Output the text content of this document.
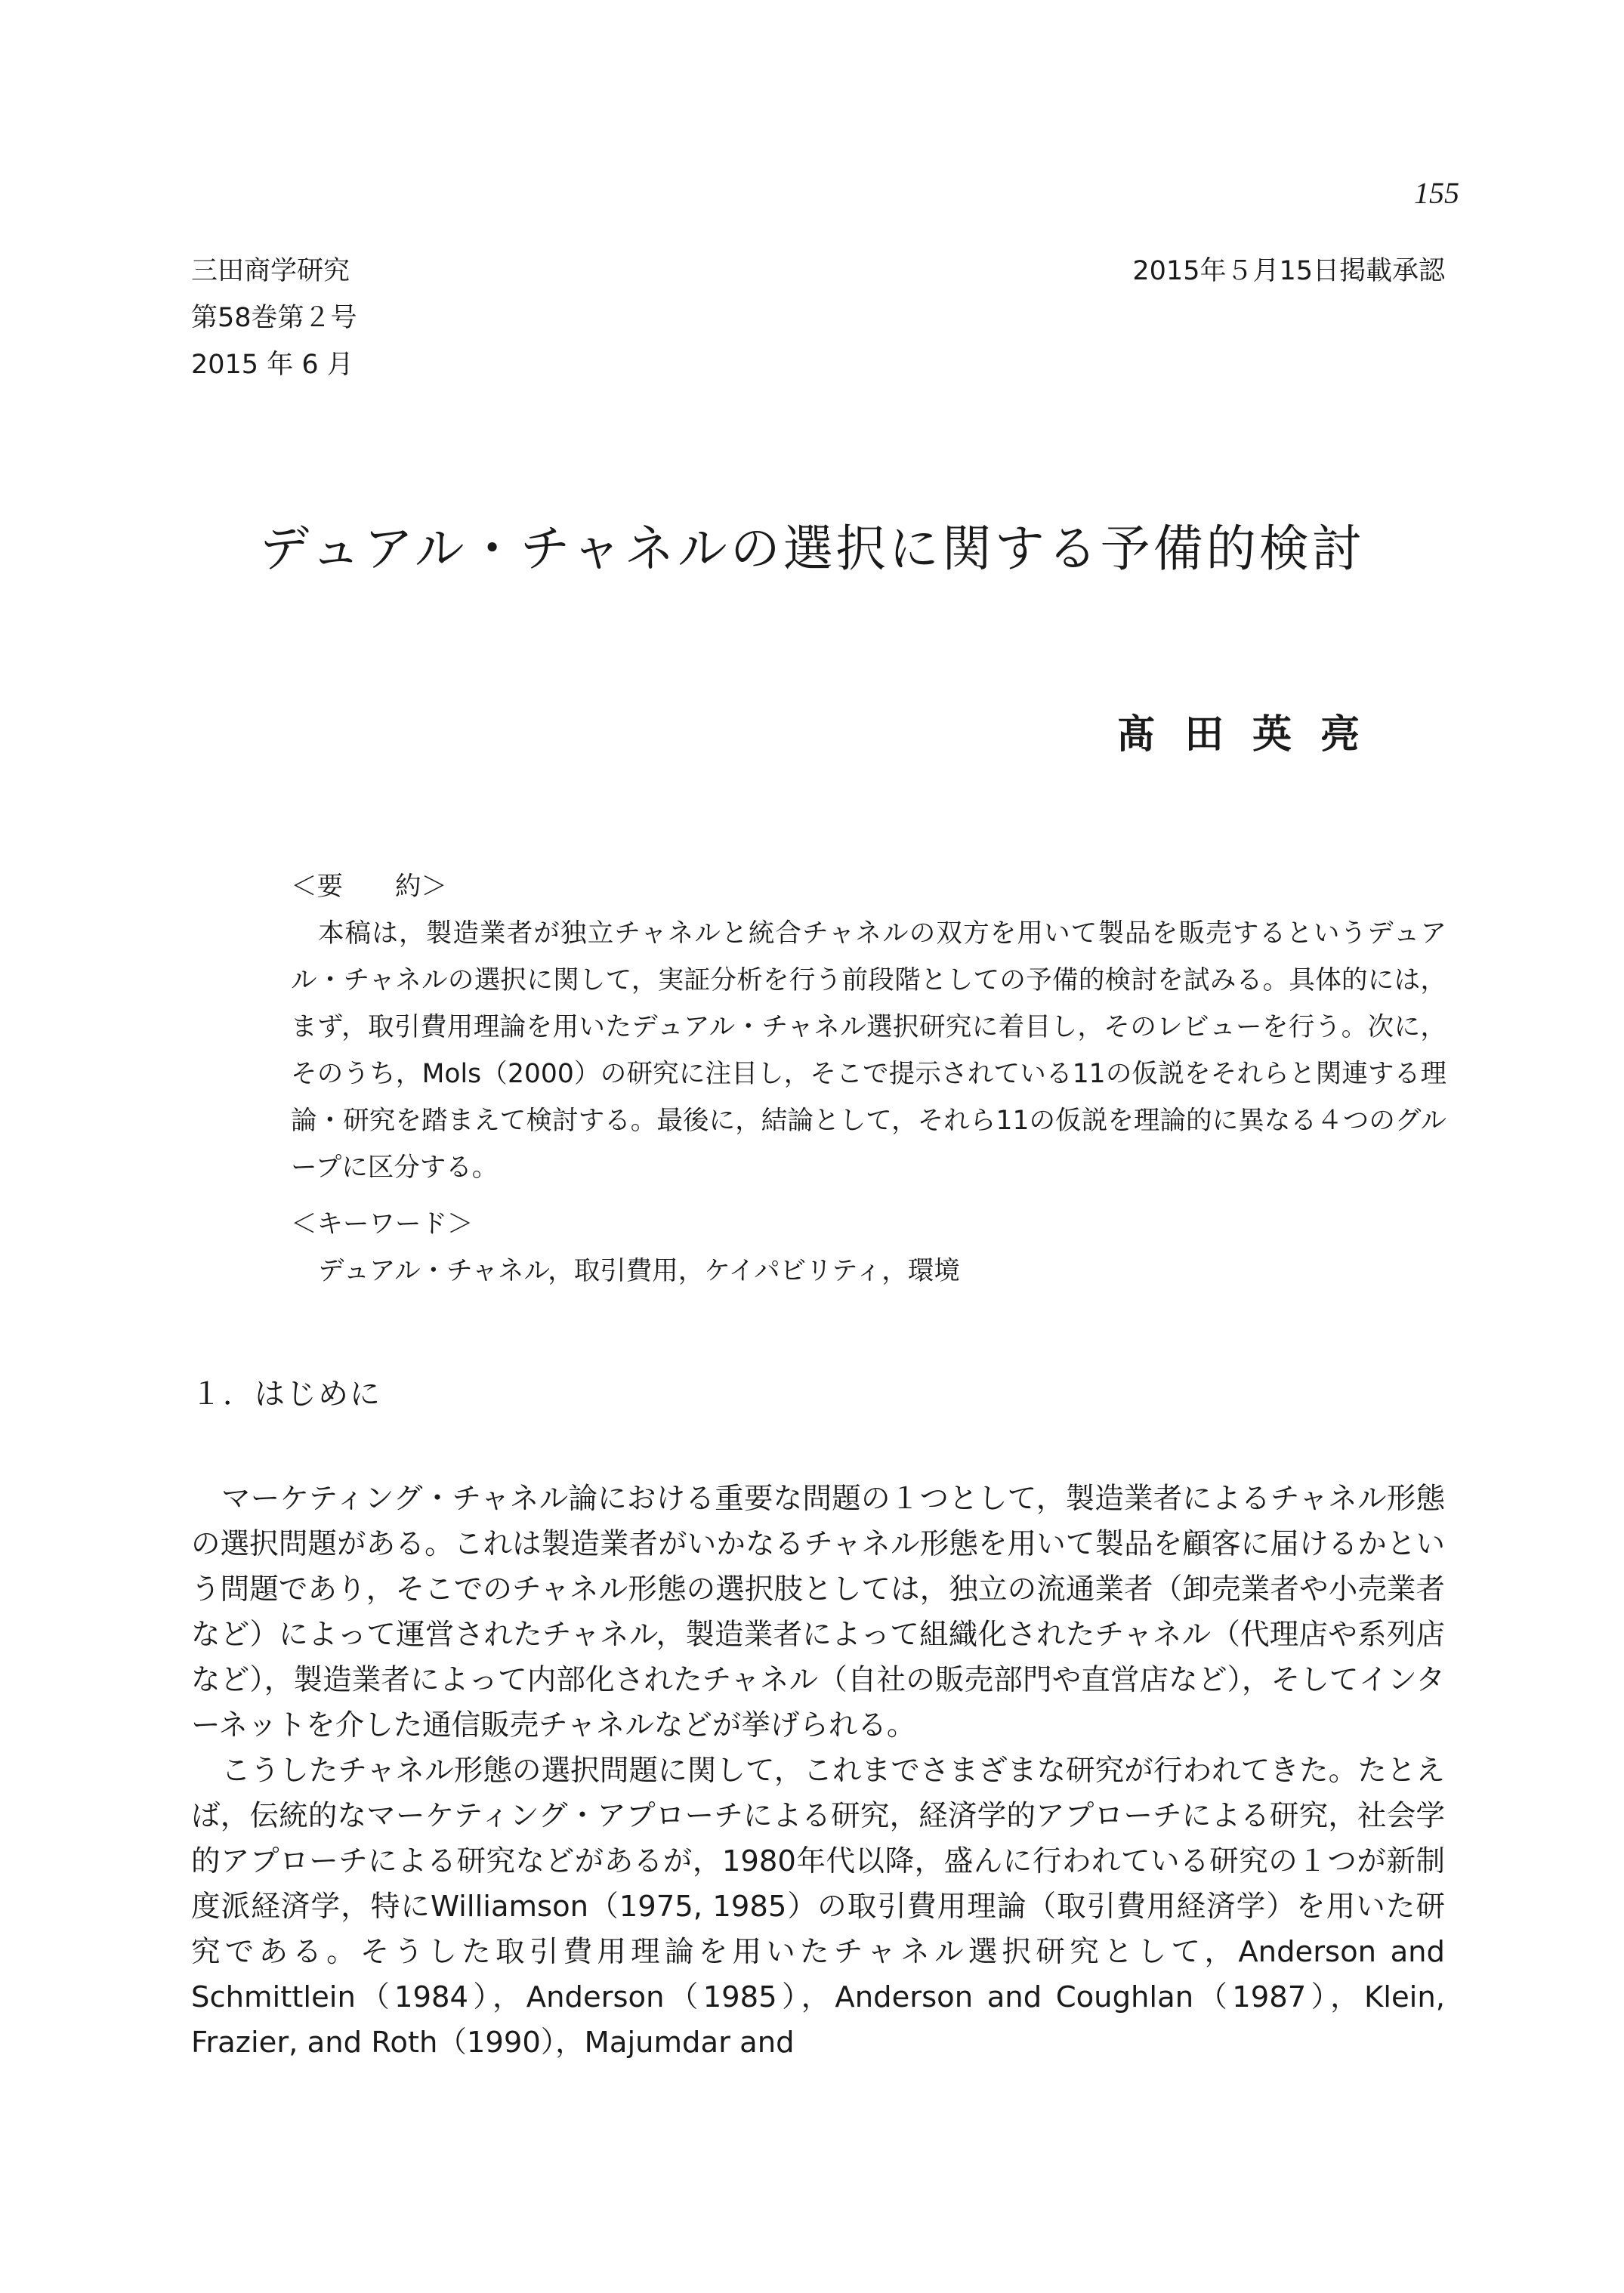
155
三田商学研究
第58巻第２号
2015 年 6 月
2015年５月15日掲載承認
デュアル・チャネルの選択に関する予備的検討
髙田英亮

＜要　　約＞

本稿は，製造業者が独立チャネルと統合チャネルの双方を用いて製品を販売するというデュアル・チャネルの選択に関して，実証分析を行う前段階としての予備的検討を試みる。具体的には，まず，取引費用理論を用いたデュアル・チャネル選択研究に着目し，そのレビューを行う。次に，そのうち，Mols（2000）の研究に注目し，そこで提示されている11の仮説をそれらと関連する理論・研究を踏まえて検討する。最後に，結論として，それら11の仮説を理論的に異なる４つのグループに区分する。

＜キーワード＞
デュアル・チャネル，取引費用，ケイパビリティ，環境
１．はじめに

マーケティング・チャネル論における重要な問題の１つとして，製造業者によるチャネル形態の選択問題がある。これは製造業者がいかなるチャネル形態を用いて製品を顧客に届けるかという問題であり，そこでのチャネル形態の選択肢としては，独立の流通業者（卸売業者や小売業者など）によって運営されたチャネル，製造業者によって組織化されたチャネル（代理店や系列店など），製造業者によって内部化されたチャネル（自社の販売部門や直営店など），そしてインターネットを介した通信販売チャネルなどが挙げられる。

こうしたチャネル形態の選択問題に関して，これまでさまざまな研究が行われてきた。たとえば，伝統的なマーケティング・アプローチによる研究，経済学的アプローチによる研究，社会学的アプローチによる研究などがあるが，1980年代以降，盛んに行われている研究の１つが新制度派経済学，特にWilliamson（1975, 1985）の取引費用理論（取引費用経済学）を用いた研究である。そうした取引費用理論を用いたチャネル選択研究として，Anderson and Schmittlein（1984），Anderson（1985），Anderson and Coughlan（1987），Klein, Frazier, and Roth（1990），Majumdar and
